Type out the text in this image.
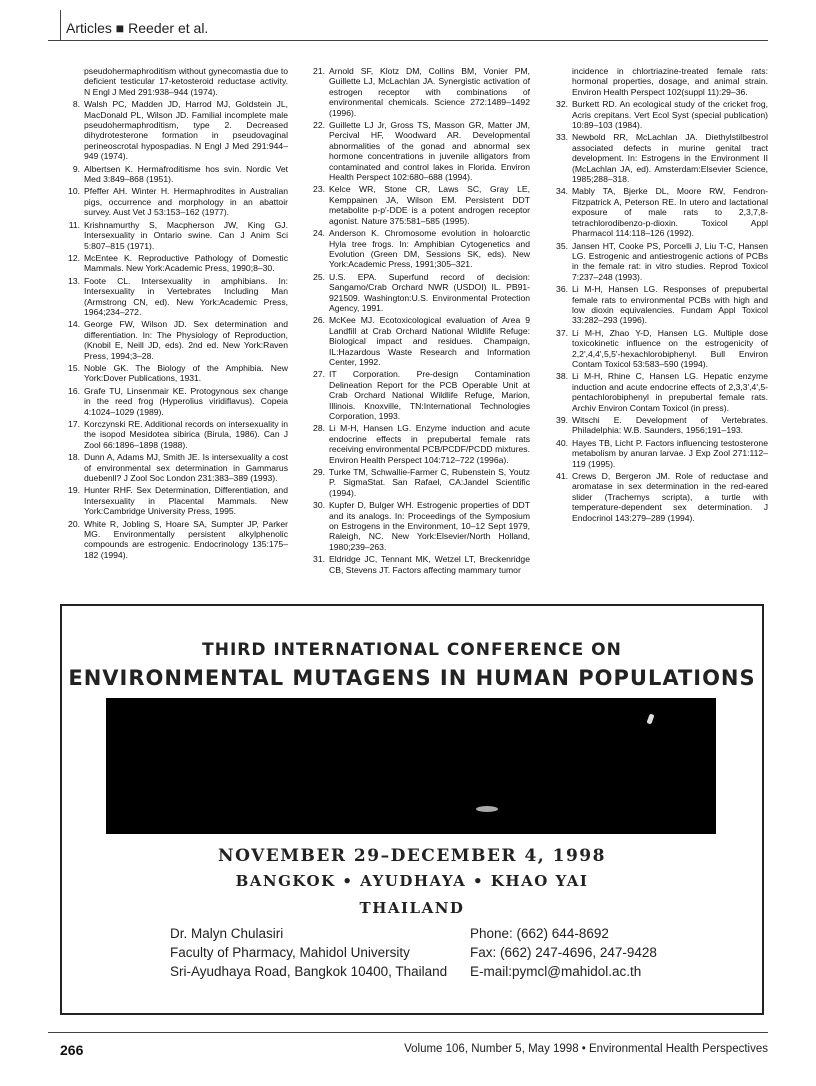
Articles ■ Reeder et al.
pseudohermaphroditism without gynecomastia due to deficient testicular 17-ketosteroid reductase activity. N Engl J Med 291:938–944 (1974).
8. Walsh PC, Madden JD, Harrod MJ, Goldstein JL, MacDonald PL, Wilson JD. Familial incomplete male pseudohermaphroditism, type 2. Decreased dihydrotesterone formation in pseudovaginal perineoscrotal hypospadias. N Engl J Med 291:944–949 (1974).
9. Albertsen K. Hermafroditisme hos svin. Nordic Vet Med 3:849–868 (1951).
10. Pfeffer AH. Winter H. Hermaphrodites in Australian pigs, occurrence and morphology in an abattoir survey. Aust Vet J 53:153–162 (1977).
11. Krishnamurthy S, Macpherson JW, King GJ. Intersexuality in Ontario swine. Can J Anim Sci 5:807–815 (1971).
12. McEntee K. Reproductive Pathology of Domestic Mammals. New York:Academic Press, 1990;8–30.
13. Foote CL. Intersexuality in amphibians. In: Intersexuality in Vertebrates Including Man (Armstrong CN, ed). New York:Academic Press, 1964;234–272.
14. George FW, Wilson JD. Sex determination and differentiation. In: The Physiology of Reproduction, (Knobil E, Neill JD, eds). 2nd ed. New York:Raven Press, 1994;3–28.
15. Noble GK. The Biology of the Amphibia. New York:Dover Publications, 1931.
16. Grafe TU, Linsenmair KE. Protogynous sex change in the reed frog (Hyperolius viridiflavus). Copeia 4:1024–1029 (1989).
17. Korczynski RE. Additional records on intersexuality in the isopod Mesidotea sibirica (Birula, 1986). Can J Zool 66:1896–1898 (1988).
18. Dunn A, Adams MJ, Smith JE. Is intersexuality a cost of environmental sex determination in Gammarus duebenll? J Zool Soc London 231:383–389 (1993).
19. Hunter RHF. Sex Determination, Differentiation, and Intersexuality in Placental Mammals. New York:Cambridge University Press, 1995.
20. White R, Jobling S, Hoare SA, Sumpter JP, Parker MG. Environmentally persistent alkylphenolic compounds are estrogenic. Endocrinology 135:175–182 (1994).
21. Arnold SF, Klotz DM, Collins BM, Vonier PM, Guillette LJ, McLachlan JA. Synergistic activation of estrogen receptor with combinations of environmental chemicals. Science 272:1489–1492 (1996).
22. Guillette LJ Jr, Gross TS, Masson GR, Matter JM, Percival HF, Woodward AR. Developmental abnormalities of the gonad and abnormal sex hormone concentrations in juvenile alligators from contaminated and control lakes in Florida. Environ Health Perspect 102:680–688 (1994).
23. Kelce WR, Stone CR, Laws SC, Gray LE, Kemppainen JA, Wilson EM. Persistent DDT metabolite p-p'-DDE is a potent androgen receptor agonist. Nature 375:581–585 (1995).
24. Anderson K. Chromosome evolution in holoarctic Hyla tree frogs. In: Amphibian Cytogenetics and Evolution (Green DM, Sessions SK, eds). New York:Academic Press, 1991;305–321.
25. U.S. EPA. Superfund record of decision: Sangamo/Crab Orchard NWR (USDOI) IL. PB91-921509. Washington:U.S. Environmental Protection Agency, 1991.
26. McKee MJ. Ecotoxicological evaluation of Area 9 Landfill at Crab Orchard National Wildlife Refuge: Biological impact and residues. Champaign, IL:Hazardous Waste Research and Information Center, 1992.
27. IT Corporation. Pre-design Contamination Delineation Report for the PCB Operable Unit at Crab Orchard National Wildlife Refuge, Marion, Illinois. Knoxville, TN:International Technologies Corporation, 1993.
28. Li M-H, Hansen LG. Enzyme induction and acute endocrine effects in prepubertal female rats receiving environmental PCB/PCDF/PCDD mixtures. Environ Health Perspect 104:712–722 (1996a).
29. Turke TM, Schwallie-Farmer C, Rubenstein S, Youtz P. SigmaStat. San Rafael, CA:Jandel Scientific (1994).
30. Kupfer D, Bulger WH. Estrogenic properties of DDT and its analogs. In: Proceedings of the Symposium on Estrogens in the Environment, 10–12 Sept 1979, Raleigh, NC. New York:Elsevier/North Holland, 1980;239–263.
31. Eldridge JC, Tennant MK, Wetzel LT, Breckenridge CB, Stevens JT. Factors affecting mammary tumor
incidence in chlortriazine-treated female rats: hormonal properties, dosage, and animal strain. Environ Health Perspect 102(suppl 11):29–36.
32. Burkett RD. An ecological study of the cricket frog, Acris crepitans. Vert Ecol Syst (special publication) 10:89–103 (1984).
33. Newbold RR, McLachlan JA. Diethylstilbestrol associated defects in murine genital tract development. In: Estrogens in the Environment II (McLachlan JA, ed). Amsterdam:Elsevier Science, 1985;288–318.
34. Mably TA, Bjerke DL, Moore RW, Fendron-Fitzpatrick A, Peterson RE. In utero and lactational exposure of male rats to 2,3,7,8-tetrachlorodibenzo-p-dioxin. Toxicol Appl Pharmacol 114:118–126 (1992).
35. Jansen HT, Cooke PS, Porcelli J, Liu T-C, Hansen LG. Estrogenic and antiestrogenic actions of PCBs in the female rat: in vitro studies. Reprod Toxicol 7:237–248 (1993).
36. Li M-H, Hansen LG. Responses of prepubertal female rats to environmental PCBs with high and low dioxin equivalencies. Fundam Appl Toxicol 33:282–293 (1996).
37. Li M-H, Zhao Y-D, Hansen LG. Multiple dose toxicokinetic influence on the estrogenicity of 2,2',4,4',5,5'-hexachlorobiphenyl. Bull Environ Contam Toxicol 53:583–590 (1994).
38. Li M-H, Rhine C, Hansen LG. Hepatic enzyme induction and acute endocrine effects of 2,3,3',4',5-pentachlorobiphenyl in prepubertal female rats. Archiv Environ Contam Toxicol (in press).
39. Witschi E. Development of Vertebrates. Philadelphia: W.B. Saunders, 1956;191–193.
40. Hayes TB, Licht P. Factors influencing testosterone metabolism by anuran larvae. J Exp Zool 271:112–119 (1995).
41. Crews D, Bergeron JM. Role of reductase and aromatase in sex determination in the red-eared slider (Trachemys scripta), a turtle with temperature-dependent sex determination. J Endocrinol 143:279–289 (1994).
THIRD INTERNATIONAL CONFERENCE ON
ENVIRONMENTAL MUTAGENS IN HUMAN POPULATIONS
NOVEMBER 29–DECEMBER 4, 1998
BANGKOK • AYUDHAYA • KHAO YAI
THAILAND
Dr. Malyn Chulasiri
Faculty of Pharmacy, Mahidol University
Sri-Ayudhaya Road, Bangkok 10400, Thailand
Phone: (662) 644-8692
Fax: (662) 247-4696, 247-9428
E-mail:pymcl@mahidol.ac.th
266	Volume 106, Number 5, May 1998 • Environmental Health Perspectives
